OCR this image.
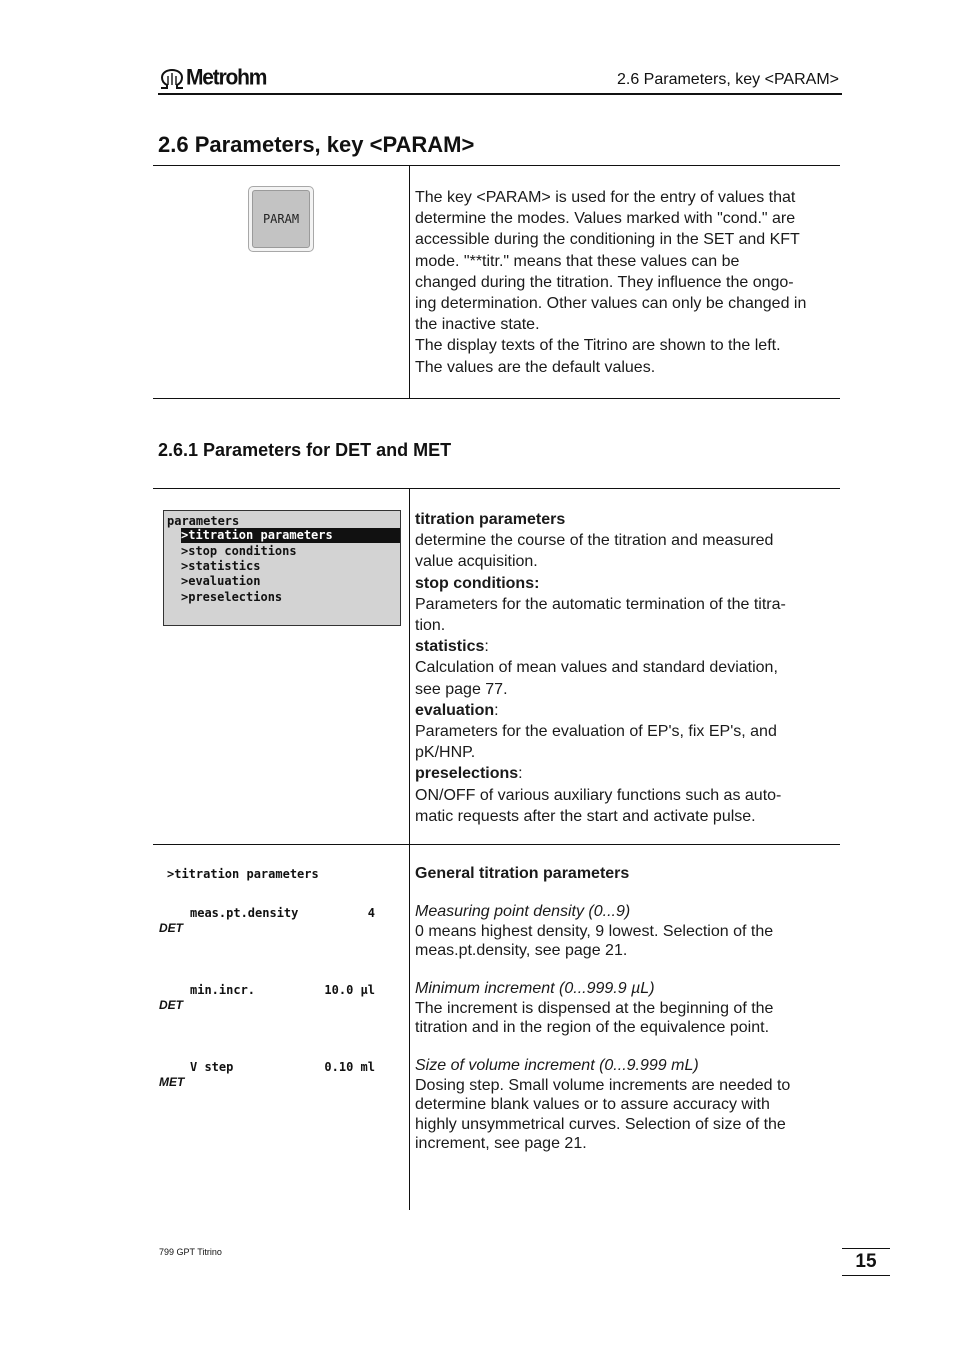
Metrohm	2.6 Parameters, key <PARAM>
2.6 Parameters, key <PARAM>
PARAM
The key <PARAM> is used for the entry of values that
determine the modes. Values marked with "cond." are
accessible during the conditioning in the SET and KFT
mode. "**titr." means that these values can be
changed during the titration. They influence the ongo-
ing determination. Other values can only be changed in
the inactive state.
The display texts of the Titrino are shown to the left.
The values are the default values.
2.6.1 Parameters for DET and MET
parameters
>titration parameters
>stop conditions
>statistics
>evaluation
>preselections
titration parameters
determine the course of the titration and measured
value acquisition.
stop conditions:
Parameters for the automatic termination of the titra-
tion.
statistics:
Calculation of mean values and standard deviation,
see page 77.
evaluation:
Parameters for the evaluation of EP's, fix EP's, and
pK/HNP.
preselections:
ON/OFF of various auxiliary functions such as auto-
matic requests after the start and activate pulse.
>titration parameters	General titration parameters
meas.pt.density	4
DET
Measuring point density (0...9)
0 means highest density, 9 lowest. Selection of the
meas.pt.density, see page 21.
min.incr.	10.0 µl
DET
Minimum increment (0...999.9 µL)
The increment is dispensed at the beginning of the
titration and in the region of the equivalence point.
V step	0.10 ml
MET
Size of volume increment (0...9.999 mL)
Dosing step. Small volume increments are needed to
determine blank values or to assure accuracy with
highly unsymmetrical curves. Selection of size of the
increment, see page 21.
799 GPT Titrino	15
